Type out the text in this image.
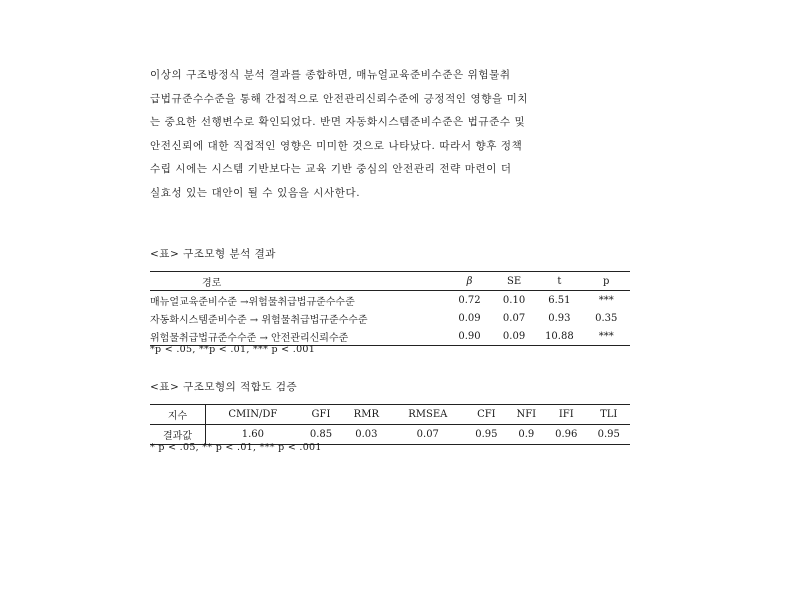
이상의 구조방정식 분석 결과를 종합하면, 매뉴얼교육준비수준은 위험물취
급법규준수수준을 통해 간접적으로 안전관리신뢰수준에 긍정적인 영향을 미치
는 중요한 선행변수로 확인되었다. 반면 자동화시스템준비수준은 법규준수 및
안전신뢰에 대한 직접적인 영향은 미미한 것으로 나타났다. 따라서 향후 정책
수립 시에는 시스템 기반보다는 교육 기반 중심의 안전관리 전략 마련이 더
실효성 있는 대안이 될 수 있음을 시사한다.
<표> 구조모형 분석 결과
경로	β	SE	t	p
매뉴얼교육준비수준 →위험물취급법규준수수준	0.72	0.10	6.51	***
자동화시스템준비수준 → 위험물취급법규준수수준	0.09	0.07	0.93	0.35
위험물취급법규준수수준 → 안전관리신뢰수준	0.90	0.09	10.88	***
*p < .05, **p < .01, *** p < .001
<표> 구조모형의 적합도 검증
지수	CMIN/DF	GFI	RMR	RMSEA	CFI	NFI	IFI	TLI
결과값	1.60	0.85	0.03	0.07	0.95	0.9	0.96	0.95
* p < .05, ** p < .01, *** p < .001
